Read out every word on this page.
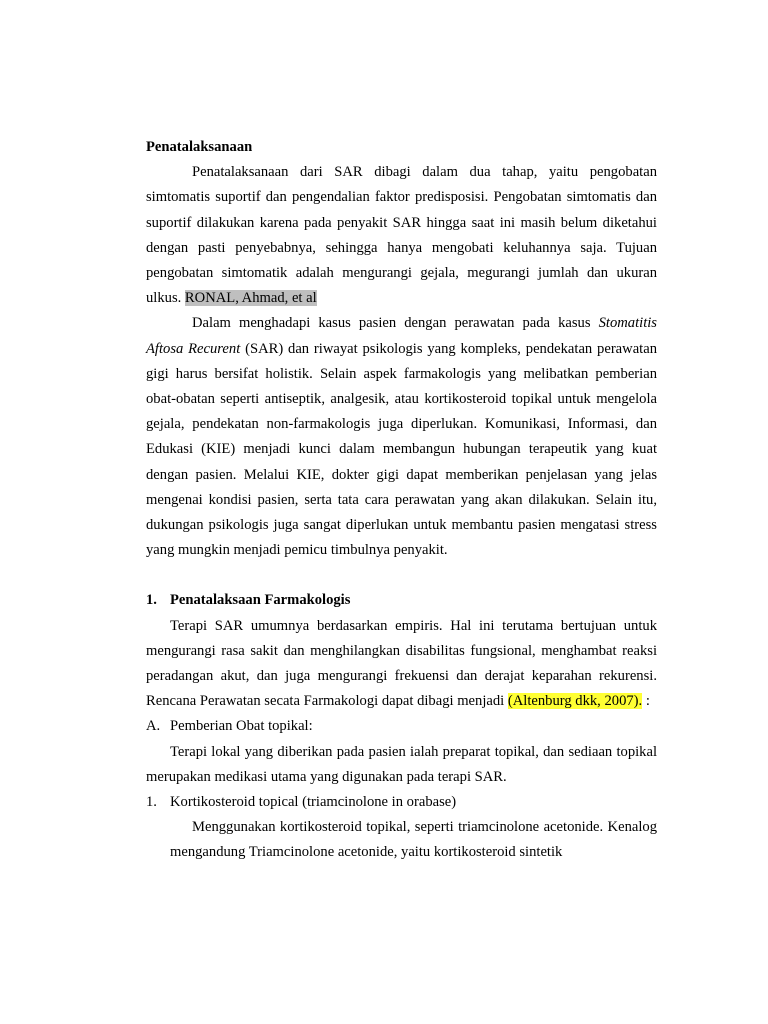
Penatalaksanaan

Penatalaksanaan dari SAR dibagi dalam dua tahap, yaitu pengobatan simtomatis suportif dan pengendalian faktor predisposisi. Pengobatan simtomatis dan suportif dilakukan karena pada penyakit SAR hingga saat ini masih belum diketahui dengan pasti penyebabnya, sehingga hanya mengobati keluhannya saja. Tujuan pengobatan simtomatik adalah mengurangi gejala, megurangi jumlah dan ukuran ulkus. RONAL, Ahmad, et al

Dalam menghadapi kasus pasien dengan perawatan pada kasus Stomatitis Aftosa Recurent (SAR) dan riwayat psikologis yang kompleks, pendekatan perawatan gigi harus bersifat holistik. Selain aspek farmakologis yang melibatkan pemberian obat-obatan seperti antiseptik, analgesik, atau kortikosteroid topikal untuk mengelola gejala, pendekatan non-farmakologis juga diperlukan. Komunikasi, Informasi, dan Edukasi (KIE) menjadi kunci dalam membangun hubungan terapeutik yang kuat dengan pasien. Melalui KIE, dokter gigi dapat memberikan penjelasan yang jelas mengenai kondisi pasien, serta tata cara perawatan yang akan dilakukan. Selain itu, dukungan psikologis juga sangat diperlukan untuk membantu pasien mengatasi stress yang mungkin menjadi pemicu timbulnya penyakit.

1. Penatalaksaan Farmakologis

Terapi SAR umumnya berdasarkan empiris. Hal ini terutama bertujuan untuk mengurangi rasa sakit dan menghilangkan disabilitas fungsional, menghambat reaksi peradangan akut, dan juga mengurangi frekuensi dan derajat keparahan rekurensi. Rencana Perawatan secata Farmakologi dapat dibagi menjadi (Altenburg dkk, 2007). :

A. Pemberian Obat topikal:

Terapi lokal yang diberikan pada pasien ialah preparat topikal, dan sediaan topikal merupakan medikasi utama yang digunakan pada terapi SAR.

1. Kortikosteroid topical (triamcinolone in orabase)

Menggunakan kortikosteroid topikal, seperti triamcinolone acetonide. Kenalog mengandung Triamcinolone acetonide, yaitu kortikosteroid sintetik
